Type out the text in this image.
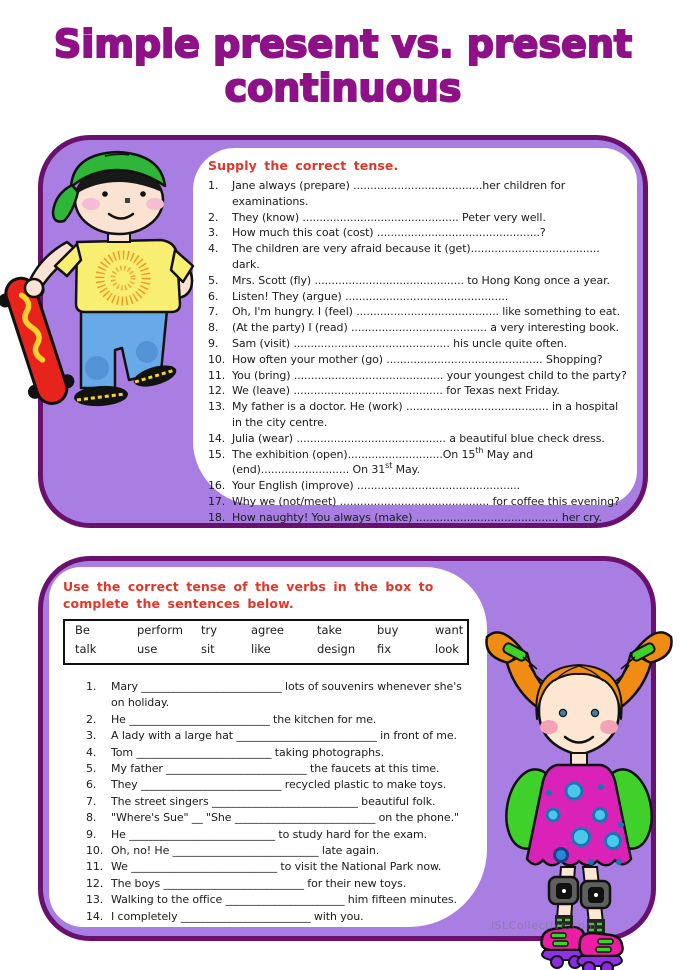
Simple present vs. present continuous
Supply the correct tense.
1.	Jane always (prepare) ......................................her children for examinations.
2.	They (know) .............................................. Peter very well.
3.	How much this coat (cost) ................................................?
4.	The children are very afraid because it (get)...................................... dark.
5.	Mrs. Scott (fly) ............................................ to Hong Kong once a year.
6.	Listen! They (argue) ................................................
7.	Oh, I'm hungry. I (feel) .......................................... like something to eat.
8.	(At the party) I (read) ........................................ a very interesting book.
9.	Sam (visit) .............................................. his uncle quite often.
10. How often your mother (go) .............................................. Shopping?
11. You (bring) ............................................ your youngest child to the party?
12. We (leave) ............................................ for Texas next Friday.
13. My father is a doctor. He (work) .......................................... in a hospital in the city centre.
14. Julia (wear) ............................................ a beautiful blue check dress.
15. The exhibition (open)............................On 15th May and (end).......................... On 31st May.
16. Your English (improve) ................................................
17. Why we (not/meet) ............................................ for coffee this evening?
18. How naughty! You always (make) .......................................... her cry.
Use the correct tense of the verbs in the box to complete the sentences below.
Be	perform	try	agree	take	buy	want
talk	use	sit	like	design	fix	look
1.	Mary __________________________ lots of souvenirs whenever she's on holiday.
2.	He __________________________ the kitchen for me.
3.	A lady with a large hat __________________________ in front of me.
4.	Tom _________________________ taking photographs.
5.	My father __________________________ the faucets at this time.
6.	They __________________________ recycled plastic to make toys.
7.	The street singers ___________________________ beautiful folk.
8.	"Where's Sue" __ "She __________________________ on the phone."
9.	He ___________________________ to study hard for the exam.
10. Oh, no! He ___________________________ late again.
11. We ___________________________ to visit the National Park now.
12. The boys __________________________ for their new toys.
13. Walking to the office ______________________ him fifteen minutes.
14. I completely ________________________ with you.
iSLCollective.com
